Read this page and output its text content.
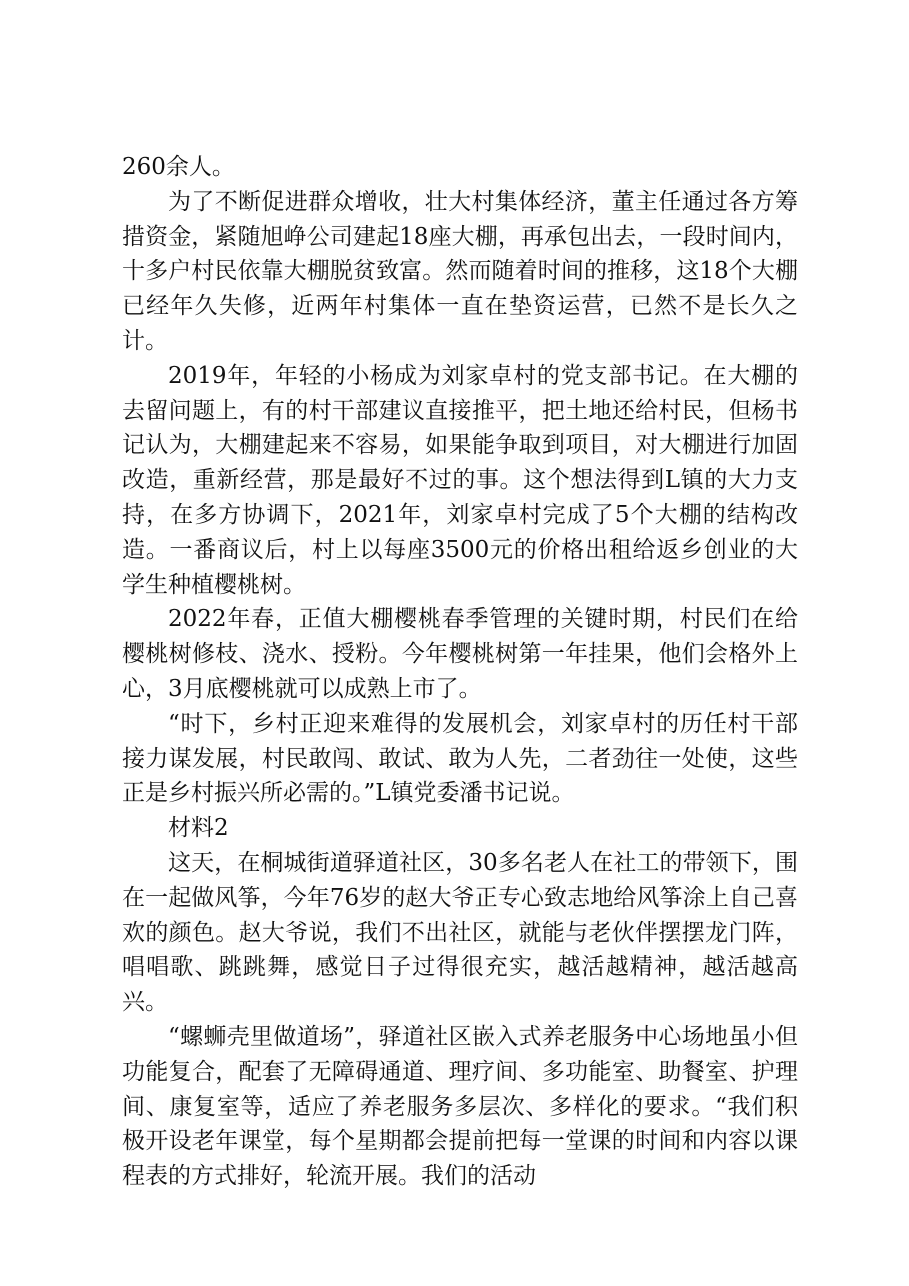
260余人。

为了不断促进群众增收，壮大村集体经济，董主任通过各方筹措资金，紧随旭峥公司建起18座大棚，再承包出去，一段时间内，十多户村民依靠大棚脱贫致富。然而随着时间的推移，这18个大棚已经年久失修，近两年村集体一直在垫资运营，已然不是长久之计。

2019年，年轻的小杨成为刘家卓村的党支部书记。在大棚的去留问题上，有的村干部建议直接推平，把土地还给村民，但杨书记认为，大棚建起来不容易，如果能争取到项目，对大棚进行加固改造，重新经营，那是最好不过的事。这个想法得到L镇的大力支持，在多方协调下，2021年，刘家卓村完成了5个大棚的结构改造。一番商议后，村上以每座3500元的价格出租给返乡创业的大学生种植樱桃树。

2022年春，正值大棚樱桃春季管理的关键时期，村民们在给樱桃树修枝、浇水、授粉。今年樱桃树第一年挂果，他们会格外上心，3月底樱桃就可以成熟上市了。

“时下，乡村正迎来难得的发展机会，刘家卓村的历任村干部接力谋发展，村民敢闯、敢试、敢为人先，二者劲往一处使，这些正是乡村振兴所必需的。”L镇党委潘书记说。

材料2

这天，在桐城街道驿道社区，30多名老人在社工的带领下，围在一起做风筝，今年76岁的赵大爷正专心致志地给风筝涂上自己喜欢的颜色。赵大爷说，我们不出社区，就能与老伙伴摆摆龙门阵，唱唱歌、跳跳舞，感觉日子过得很充实，越活越精神，越活越高兴。

“螺蛳壳里做道场”，驿道社区嵌入式养老服务中心场地虽小但功能复合，配套了无障碍通道、理疗间、多功能室、助餐室、护理间、康复室等，适应了养老服务多层次、多样化的要求。“我们积极开设老年课堂，每个星期都会提前把每一堂课的时间和内容以课程表的方式排好，轮流开展。我们的活动
